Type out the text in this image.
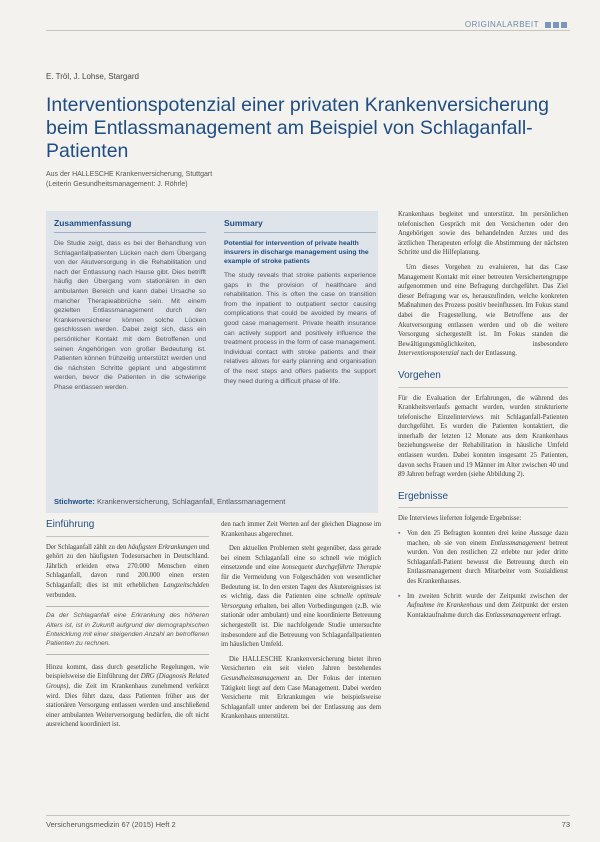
ORIGINALARBEIT
E. Tröl, J. Lohse, Stargard
Interventionspotenzial einer privaten Krankenversicherung beim Entlassmanagement am Beispiel von Schlaganfall-Patienten
Aus der HALLESCHE Krankenversicherung, Stuttgart
(Leiterin Gesundheitsmanagement: J. Röhrle)
Zusammenfassung
Die Studie zeigt, dass es bei der Behandlung von Schlaganfallpatienten Lücken nach dem Übergang von der Akutversorgung in die Rehabilitation und nach der Entlassung nach Hause gibt. Dies betrifft häufig den Übergang vom stationären in den ambulanten Bereich und kann dabei Ursache so mancher Therapieabbrüche sein. Mit einem gezielten Entlassmanagement durch den Krankenversicherer können solche Lücken geschlossen werden. Dabei zeigt sich, dass ein persönlicher Kontakt mit dem Betroffenen und seinen Angehörigen von großer Bedeutung ist. Patienten können frühzeitig unterstützt werden und die nächsten Schritte geplant und abgestimmt werden, bevor die Patienten in die schwierige Phase entlassen werden.
Summary
Potential for intervention of private health insurers in discharge management using the example of stroke patients
The study reveals that stroke patients experience gaps in the provision of healthcare and rehabilitation. This is often the case on transition from the inpatient to outpatient sector causing complications that could be avoided by means of good case management. Private health insurance can actively support and positively influence the treatment process in the form of case management. Individual contact with stroke patients and their relatives allows for early planning and organisation of the next steps and offers patients the support they need during a difficult phase of life.
Stichworte: Krankenversicherung, Schlaganfall, Entlassmanagement

Krankenhaus begleitet und unterstützt. Im persönlichen telefonischen Gespräch mit den Versicherten oder den Angehörigen sowie des behandelnden Arztes und des ärztlichen Therapeuten erfolgt die Abstimmung der nächsten Schritte und die Hilfeplanung.

Um dieses Vorgehen zu evaluieren, hat das Case Management Kontakt mit einer betreuten Versichertengruppe aufgenommen und eine Befragung durchgeführt. Das Ziel dieser Befragung war es, herauszufinden, welche konkreten Maßnahmen des Prozess positiv beeinflussen. Im Fokus stand dabei die Fragestellung, wie Betroffene aus der Akutversorgung entlassen werden und ob die weitere Versorgung sichergestellt ist. Im Fokus standen die Bewältigungsmöglichkeiten, insbesondere Interventionspotenzial nach der Entlassung.

Vorgehen

Für die Evaluation der Erfahrungen, die während des Krankheitsverlaufs gemacht wurden, wurden strukturierte telefonische Einzelinterviews mit Schlaganfall-Patienten durchgeführt. Es wurden die Patienten kontaktiert, die innerhalb der letzten 12 Monate aus dem Krankenhaus beziehungsweise der Rehabilitation in häusliche Umfeld entlassen wurden. Dabei konnten insgesamt 25 Patienten, davon sechs Frauen und 19 Männer im Alter zwischen 40 und 89 Jahren befragt werden (siehe Abbildung 2).

Ergebnisse

Die Interviews lieferten folgende Ergebnisse:

▪ Von den 25 Befragten konnten drei keine Aussage dazu machen, ob sie von einem Entlassmanagement betreut wurden. Von den restlichen 22 erlebte nur jeder dritte Schlaganfall-Patient bewusst die Betreuung durch ein Entlassmanagement durch Mitarbeiter vom Sozialdienst des Krankenhauses.
▪ Im zweiten Schritt wurde der Zeitpunkt zwischen der Aufnahme im Krankenhaus und dem Zeitpunkt der ersten Kontaktaufnahme durch das Entlassmanagement erfragt.
Einführung

Der Schlaganfall zählt zu den häufigsten Erkrankungen und gehört zu den häufigsten Todesursachen in Deutschland. Jährlich erleiden etwa 270.000 Menschen einen Schlaganfall, davon rund 200.000 einen ersten Schlaganfall; dies ist mit erheblichen Langzeitschäden verbunden.

Da der Schlaganfall eine Erkrankung des höheren Alters ist, ist in Zukunft aufgrund der demographischen Entwicklung mit einer steigenden Anzahl an betroffenen Patienten zu rechnen.

Hinzu kommt, dass durch gesetzliche Regelungen, wie beispielsweise die Einführung der DRG (Diagnosis Related Groups), die Zeit im Krankenhaus zunehmend verkürzt wird. Dies führt dazu, dass Patienten früher aus der stationären Versorgung entlassen werden und anschließend einer ambulanten Weiterversorgung bedürfen, die oft nicht ausreichend koordiniert ist.

den nach immer Zeit Werten auf der gleichen Diagnose im Krankenhaus abgerechnet.

Den aktuellen Problemen steht gegenüber, dass gerade bei einem Schlaganfall eine so schnell wie möglich einsetzende und eine konsequent durchgeführte Therapie für die Vermeidung von Folgeschäden von wesentlicher Bedeutung ist. In den ersten Tagen des Akutereignisses ist es wichtig, dass die Patienten eine schnelle optimale Versorgung erhalten, bei allen Vorbedingungen (z.B. wie stationär oder ambulant) und eine koordinierte Betreuung sichergestellt ist. Die nachfolgende Studie untersuchte insbesondere auf die Betreuung von Schlaganfallpatienten im häuslichen Umfeld.

Die HALLESCHE Krankenversicherung bietet ihren Versicherten ein seit vielen Jahren bestehendes Gesundheitsmanagement an. Der Fokus der internen Tätigkeit liegt auf dem Case Management. Dabei werden Versicherte mit Erkrankungen wie beispielsweise Schlaganfall unter anderem bei der Entlassung aus dem Krankenhaus unterstützt.

Versicherungsmedizin 67 (2015) Heft 2	73
